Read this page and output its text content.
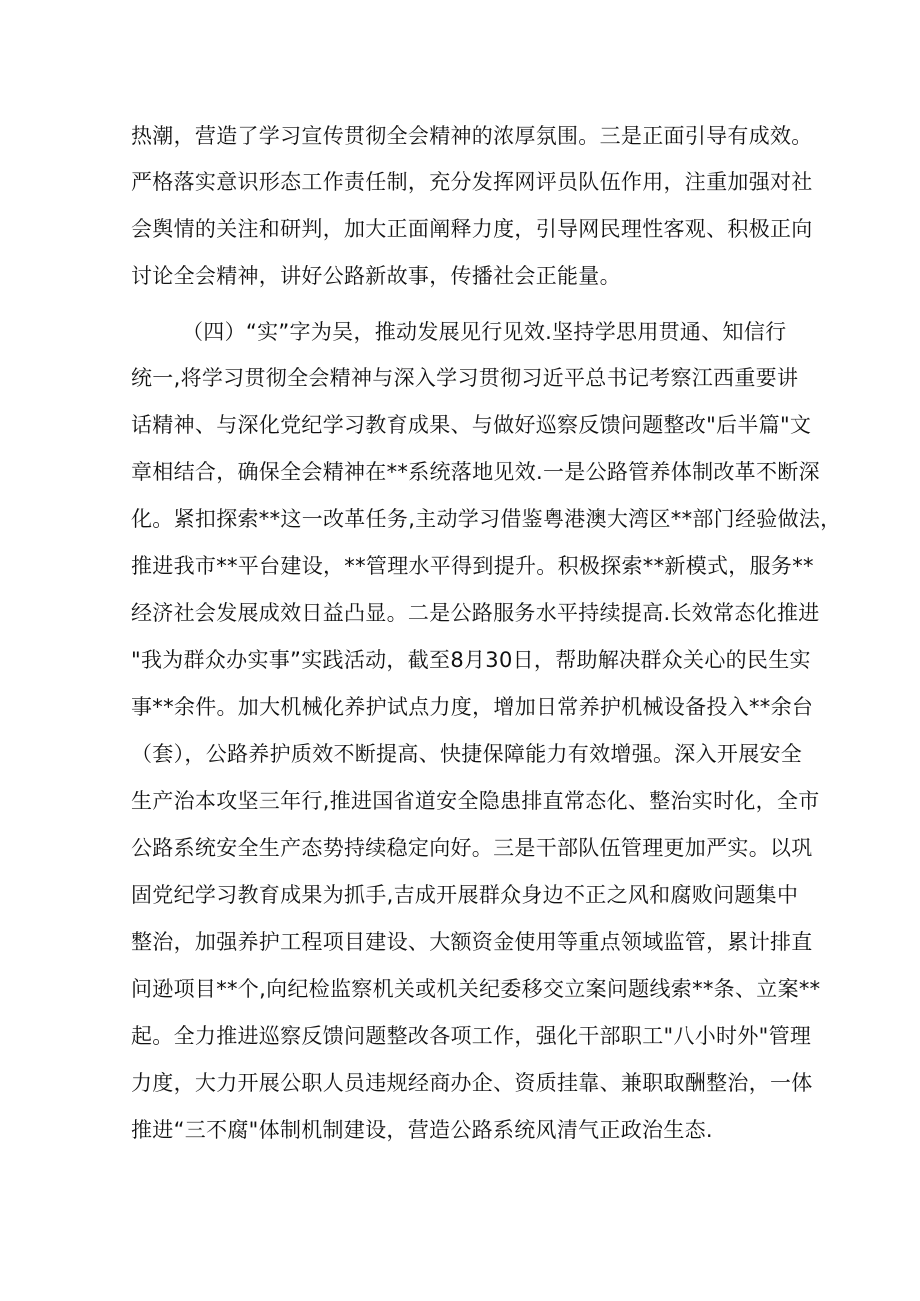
热潮，营造了学习宣传贯彻全会精神的浓厚氛围。三是正面引导有成效。
严格落实意识形态工作责任制，充分发挥网评员队伍作用，注重加强对社
会舆情的关注和研判，加大正面阐释力度，引导网民理性客观、积极正向
讨论全会精神，讲好公路新故事，传播社会正能量。
（四）“实”字为吴，推动发展见行见效.坚持学思用贯通、知信行
统一,将学习贯彻全会精神与深入学习贯彻习近平总书记考察江西重要讲
话精神、与深化党纪学习教育成果、与做好巡察反馈问题整改"后半篇"文
章相结合，确保全会精神在**系统落地见效.一是公路管养体制改革不断深
化。紧扣探索**这一改革任务,主动学习借鉴粤港澳大湾区**部门经验做法，
推进我市**平台建设，**管理水平得到提升。积极探索**新模式，服务**
经济社会发展成效日益凸显。二是公路服务水平持续提高.长效常态化推进
"我为群众办实事”实践活动，截至8月30日，帮助解决群众关心的民生实
事**余件。加大机械化养护试点力度，增加日常养护机械设备投入**余台
（套），公路养护质效不断提高、快捷保障能力有效增强。深入开展安全
生产治本攻坚三年行,推进国省道安全隐患排直常态化、整治实时化，全市
公路系统安全生产态势持续稳定向好。三是干部队伍管理更加严实。以巩
固党纪学习教育成果为抓手,吉成开展群众身边不正之风和腐败问题集中
整治，加强养护工程项目建设、大额资金使用等重点领域监管，累计排直
问逊项目**个,向纪检监察机关或机关纪委移交立案问题线索**条、立案**
起。全力推进巡察反馈问题整改各项工作，强化干部职工"八小时外"管理
力度，大力开展公职人员违规经商办企、资质挂靠、兼职取酬整治，一体
推进“三不腐"体制机制建设，营造公路系统风清气正政治生态.
